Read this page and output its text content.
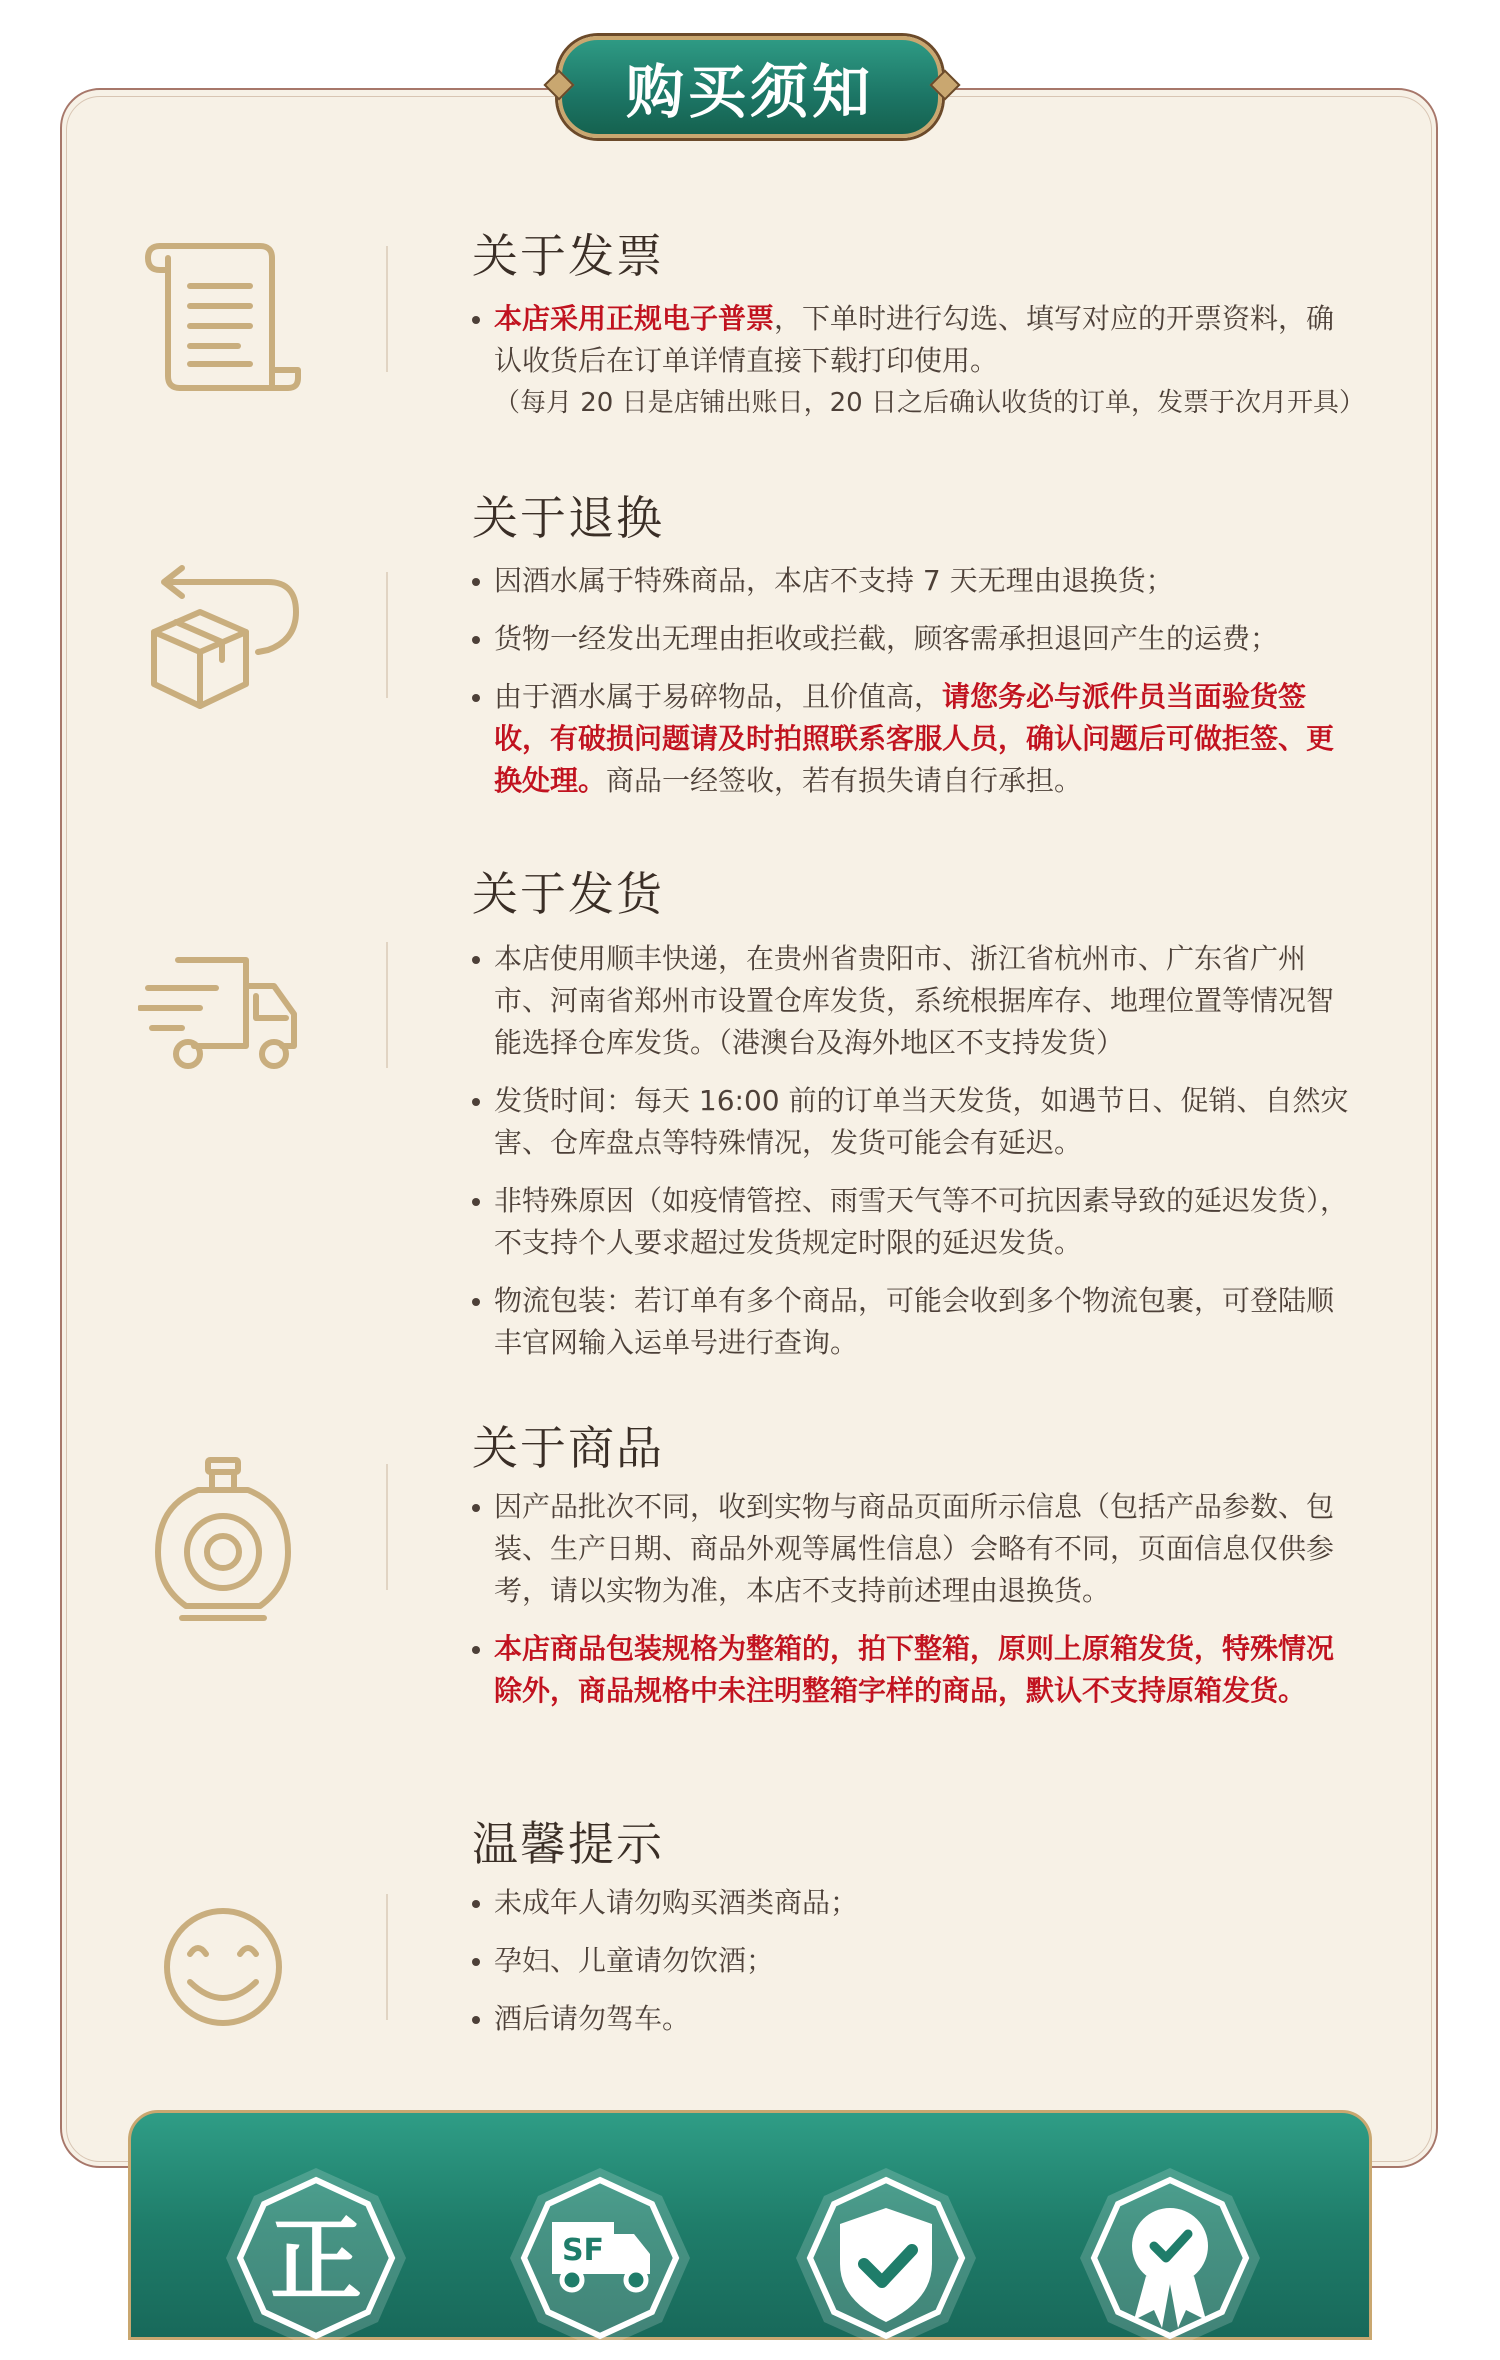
购买须知
关于发票
本店采用正规电子普票，下单时进行勾选、填写对应的开票资料，确认收货后在订单详情直接下载打印使用。
（每月 20 日是店铺出账日，20 日之后确认收货的订单，发票于次月开具）
关于退换
因酒水属于特殊商品，本店不支持 7 天无理由退换货；
货物一经发出无理由拒收或拦截，顾客需承担退回产生的运费；
由于酒水属于易碎物品，且价值高，请您务必与派件员当面验货签收，有破损问题请及时拍照联系客服人员，确认问题后可做拒签、更换处理。商品一经签收，若有损失请自行承担。
关于发货
本店使用顺丰快递，在贵州省贵阳市、浙江省杭州市、广东省广州市、河南省郑州市设置仓库发货，系统根据库存、地理位置等情况智能选择仓库发货。（港澳台及海外地区不支持发货）
发货时间：每天 16:00 前的订单当天发货，如遇节日、促销、自然灾害、仓库盘点等特殊情况，发货可能会有延迟。
非特殊原因（如疫情管控、雨雪天气等不可抗因素导致的延迟发货），不支持个人要求超过发货规定时限的延迟发货。
物流包装：若订单有多个商品，可能会收到多个物流包裹，可登陆顺丰官网输入运单号进行查询。
关于商品
因产品批次不同，收到实物与商品页面所示信息（包括产品参数、包装、生产日期、商品外观等属性信息）会略有不同，页面信息仅供参考，请以实物为准，本店不支持前述理由退换货。
本店商品包装规格为整箱的，拍下整箱，原则上原箱发货，特殊情况除外，商品规格中未注明整箱字样的商品，默认不支持原箱发货。
温馨提示
未成年人请勿购买酒类商品；
孕妇、儿童请勿饮酒；
酒后请勿驾车。
正	SF
